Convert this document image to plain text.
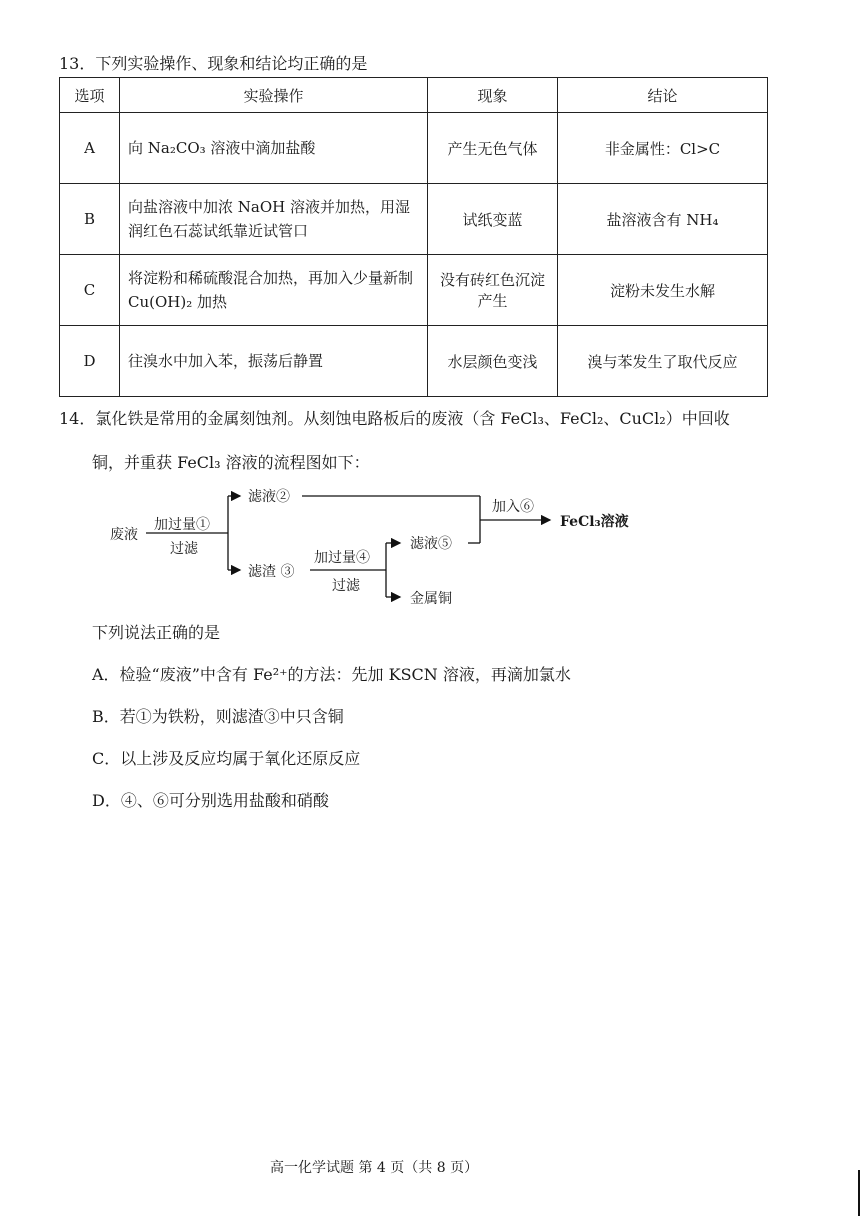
13．下列实验操作、现象和结论均正确的是
选项	实验操作	现象	结论
A	向 Na₂CO₃ 溶液中滴加盐酸	产生无色气体	非金属性：Cl>C
B	向盐溶液中加浓 NaOH 溶液并加热，用湿润红色石蕊试纸靠近试管口	试纸变蓝	盐溶液含有 NH₄
C	将淀粉和稀硫酸混合加热，再加入少量新制 Cu(OH)₂ 加热	没有砖红色沉淀产生	淀粉未发生水解
D	往溴水中加入苯，振荡后静置	水层颜色变浅	溴与苯发生了取代反应
14．氯化铁是常用的金属刻蚀剂。从刻蚀电路板后的废液（含 FeCl₃、FeCl₂、CuCl₂）中回收
铜，并重获 FeCl₃ 溶液的流程图如下：
废液
加过量①
过滤
滤液②
滤渣 ③
加过量④
过滤
滤液⑤
金属铜
加入⑥
FeCl₃溶液
下列说法正确的是
A．检验“废液”中含有 Fe²⁺的方法：先加 KSCN 溶液，再滴加氯水
B．若①为铁粉，则滤渣③中只含铜
C．以上涉及反应均属于氧化还原反应
D．④、⑥可分别选用盐酸和硝酸
高一化学试题 第 4 页（共 8 页）
